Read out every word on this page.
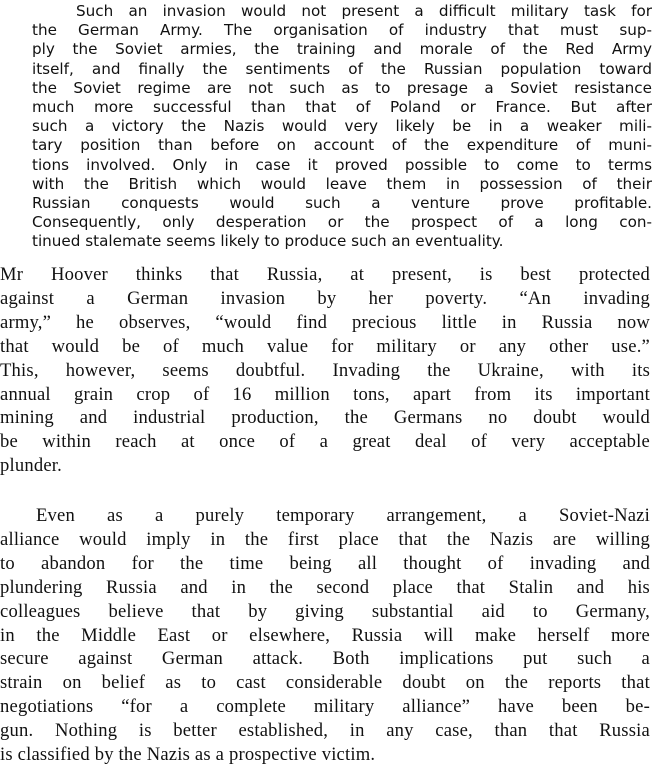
Such an invasion would not present a difficult military task for
the German Army. The organisation of industry that must sup-
ply the Soviet armies, the training and morale of the Red Army
itself, and finally the sentiments of the Russian population toward
the Soviet regime are not such as to presage a Soviet resistance
much more successful than that of Poland or France. But after
such a victory the Nazis would very likely be in a weaker mili-
tary position than before on account of the expenditure of muni-
tions involved. Only in case it proved possible to come to terms
with the British which would leave them in possession of their
Russian conquests would such a venture prove profitable.
Consequently, only desperation or the prospect of a long con-
tinued stalemate seems likely to produce such an eventuality.
Mr Hoover thinks that Russia, at present, is best protected
against a German invasion by her poverty. “An invading
army,” he observes, “would find precious little in Russia now
that would be of much value for military or any other use.”
This, however, seems doubtful. Invading the Ukraine, with its
annual grain crop of 16 million tons, apart from its important
mining and industrial production, the Germans no doubt would
be within reach at once of a great deal of very acceptable
plunder.
Even as a purely temporary arrangement, a Soviet-Nazi
alliance would imply in the first place that the Nazis are willing
to abandon for the time being all thought of invading and
plundering Russia and in the second place that Stalin and his
colleagues believe that by giving substantial aid to Germany,
in the Middle East or elsewhere, Russia will make herself more
secure against German attack. Both implications put such a
strain on belief as to cast considerable doubt on the reports that
negotiations “for a complete military alliance” have been be-
gun. Nothing is better established, in any case, than that Russia
is classified by the Nazis as a prospective victim.
